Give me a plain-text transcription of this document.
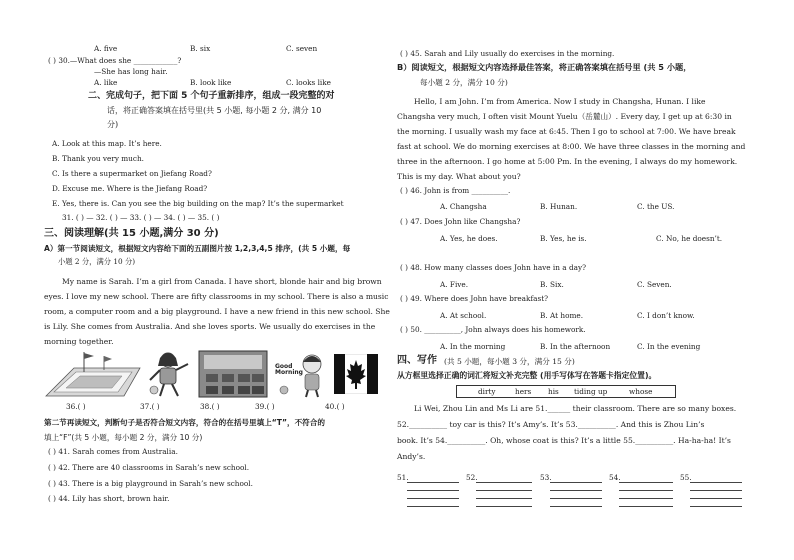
A. five	B. six	C. seven
( ) 30.—What does she ____________?
—She has long hair.
A. like	B. look like	C. looks like
二、完成句子，把下面 5 个句子重新排序，组成一段完整的对
话，将正确答案填在括号里(共 5 小题, 每小题 2 分, 满分 10
分)
A. Look at this map. It’s here.
B. Thank you very much.
C. Is there a supermarket on Jiefang Road?
D. Excuse me. Where is the Jiefang Road?
E. Yes, there is. Can you see the big building on the map? It’s the supermarket
31. ( ) — 32. ( ) — 33. ( ) — 34. ( ) — 35. ( )
三、阅读理解(共 15 小题,满分 30 分)
A）第一节阅读短文，根据短文内容给下面的五副图片按 1,2,3,4,5 排序，(共 5 小题，每
小题 2 分，满分 10 分)
My name is Sarah. I’m a girl from Canada. I have short, blonde hair and big brown
eyes. I love my new school. There are fifty classrooms in my school. There is also a music
room, a computer room and a big playground. I have a new friend in this new school. She
is Lily. She comes from Australia. And she loves sports. We usually do exercises in the
morning together.
Good Morning
36.( )	37.( )	38.( )	39.( )	40.( )
第二节再读短文，判断句子是否符合短文内容，符合的在括号里填上“T”，不符合的
填上“F”(共 5 小题，每小题 2 分，满分 10 分)
( ) 41. Sarah comes from Australia.
( ) 42. There are 40 classrooms in Sarah’s new school.
( ) 43. There is a big playground in Sarah’s new school.
( ) 44. Lily has short, brown hair.
( ) 45. Sarah and Lily usually do exercises in the morning.
B）阅读短文，根据短文内容选择最佳答案，将正确答案填在括号里 (共 5 小题，
每小题 2 分，满分 10 分)
Hello, I am John. I’m from America. Now I study in Changsha, Hunan. I like
Changsha very much, I often visit Mount Yuelu（岳麓山）. Every day, I get up at 6:30 in
the morning. I usually wash my face at 6:45. Then I go to school at 7:00. We have break
fast at school. We do morning exercises at 8:00. We have three classes in the morning and
three in the afternoon. I go home at 5:00 Pm. In the evening, I always do my homework.
This is my day. What about you?
( ) 46. John is from __________.
A. Changsha	B. Hunan.	C. the US.
( ) 47. Does John like Changsha?
A. Yes, he does.	B. Yes, he is.	C. No, he doesn’t.
( ) 48. How many classes does John have in a day?
A. Five.	B. Six.	C. Seven.
( ) 49. Where does John have breakfast?
A. At school.	B. At home.	C. I don’t know.
( ) 50. __________, John always does his homework.
A. In the morning	B. In the afternoon	C. In the evening
四、写作 (共 5 小题，每小题 3 分，满分 15 分)
从方框里选择正确的词汇将短文补充完整 (用手写体写在答题卡指定位置)。
dirty	hers his tiding up	whose
Li Wei, Zhou Lin and Ms Li are 51.______ their classroom. There are so many boxes.
52.__________ toy car is this? It’s Amy’s. It’s 53.__________. And this is Zhou Lin’s
book. It’s 54.__________. Oh, whose coat is this? It’s a little 55.__________. Ha-ha-ha! It’s
Andy’s.
51.	52.	53.	54.	55.
